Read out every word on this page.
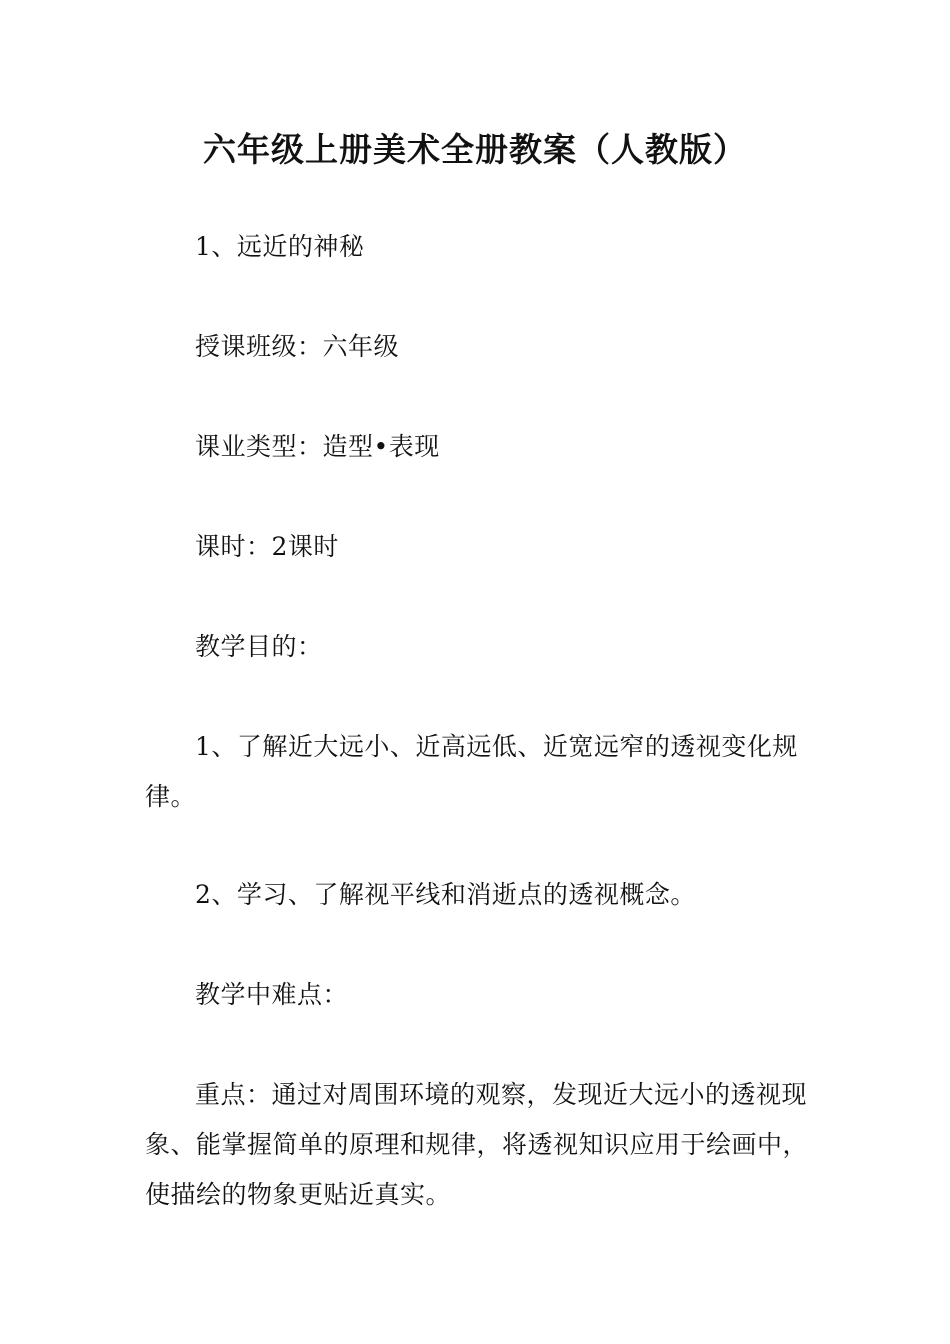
六年级上册美术全册教案（人教版）

1、远近的神秘

授课班级：六年级

课业类型：造型•表现

课时：2课时

教学目的：

1、了解近大远小、近高远低、近宽远窄的透视变化规律。

2、学习、了解视平线和消逝点的透视概念。

教学中难点：

重点：通过对周围环境的观察，发现近大远小的透视现象、能掌握简单的原理和规律，将透视知识应用于绘画中，使描绘的物象更贴近真实。
